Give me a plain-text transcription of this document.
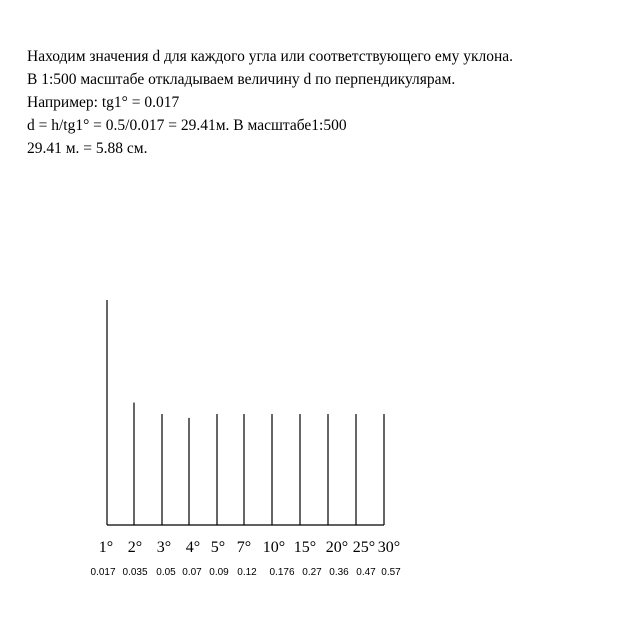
Находим значения d для каждого угла или соответствующего ему уклона.
В 1:500 масштабе откладываем величину d по перпендикулярам.
Например: tg1° = 0.017
d = h/tg1° = 0.5/0.017 = 29.41м. В масштабе1:500
29.41 м. = 5.88 см.
1°
0.017
2°
0.035
3°
0.05
4°
0.07
5°
0.09
7°
0.12
10°
0.176
15°
0.27
20°
0.36
25°
0.47
30°
0.57
